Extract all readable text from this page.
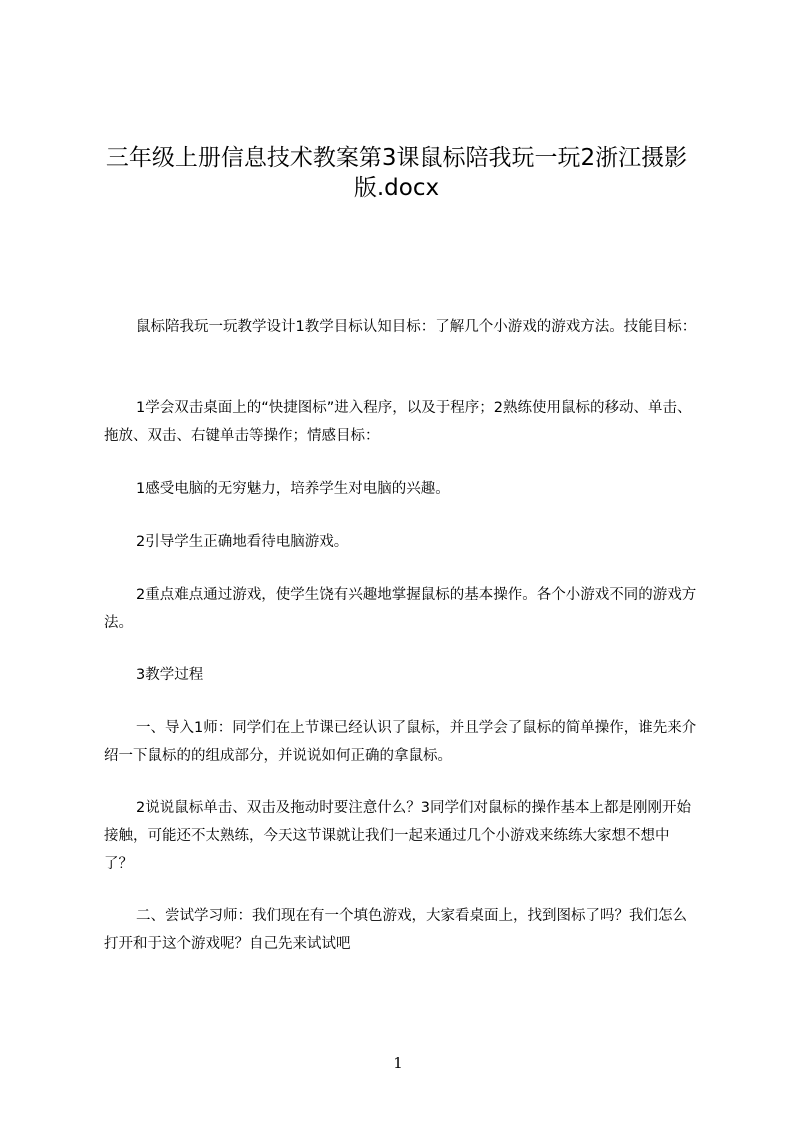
三年级上册信息技术教案第3课鼠标陪我玩一玩2浙江摄影版.docx

鼠标陪我玩一玩教学设计1教学目标认知目标：了解几个小游戏的游戏方法。技能目标：

1学会双击桌面上的“快捷图标”进入程序，以及于程序；2熟练使用鼠标的移动、单击、拖放、双击、右键单击等操作；情感目标：

1感受电脑的无穷魅力，培养学生对电脑的兴趣。

2引导学生正确地看待电脑游戏。

2重点难点通过游戏，使学生饶有兴趣地掌握鼠标的基本操作。各个小游戏不同的游戏方法。

3教学过程

一、导入1师：同学们在上节课已经认识了鼠标，并且学会了鼠标的简单操作，谁先来介绍一下鼠标的的组成部分，并说说如何正确的拿鼠标。

2说说鼠标单击、双击及拖动时要注意什么？3同学们对鼠标的操作基本上都是刚刚开始接触，可能还不太熟练，今天这节课就让我们一起来通过几个小游戏来练练大家想不想中了？

二、尝试学习师：我们现在有一个填色游戏，大家看桌面上，找到图标了吗？我们怎么打开和于这个游戏呢？自己先来试试吧

1
